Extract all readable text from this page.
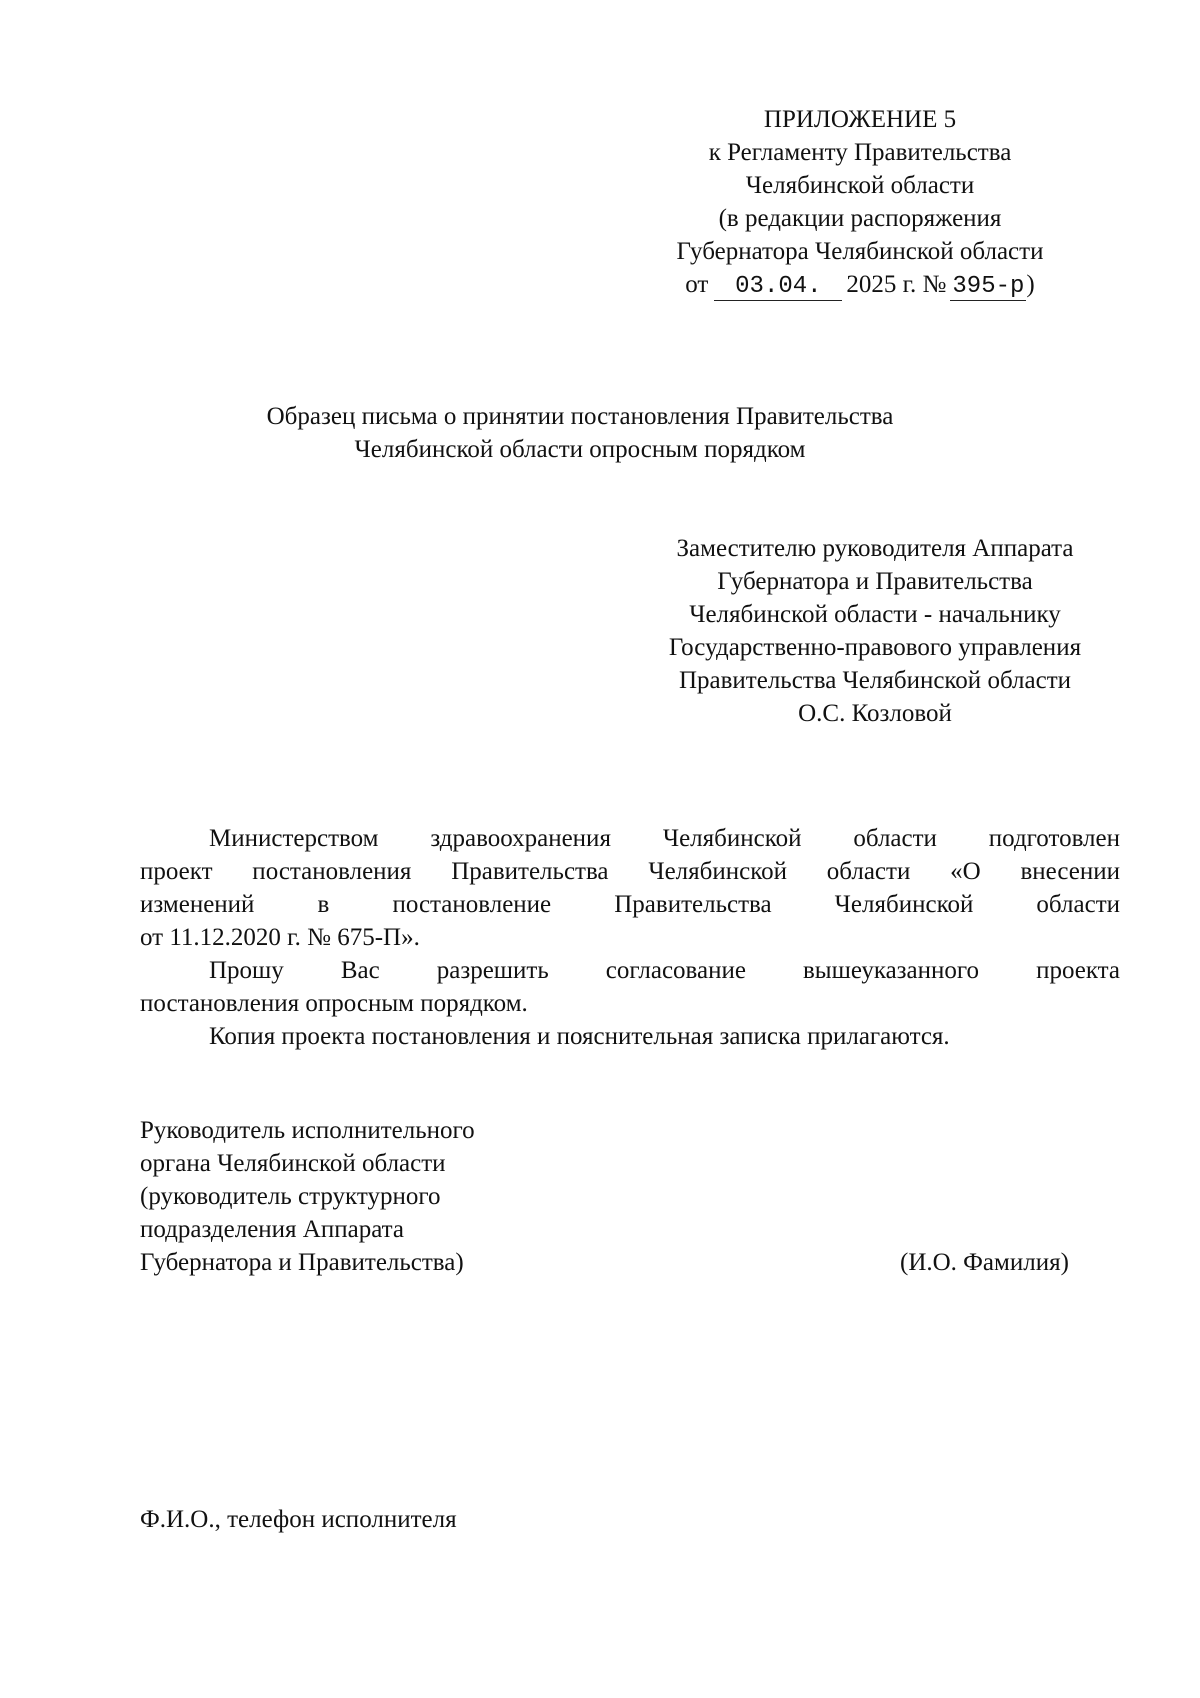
ПРИЛОЖЕНИЕ 5
к Регламенту Правительства
Челябинской области
(в редакции распоряжения
Губернатора Челябинской области
от 03.04. 2025 г. № 395-р)
Образец письма о принятии постановления Правительства
Челябинской области опросным порядком
Заместителю руководителя Аппарата
Губернатора и Правительства
Челябинской области - начальнику
Государственно-правового управления
Правительства Челябинской области
О.С. Козловой
Министерством здравоохранения Челябинской области подготовлен
проект постановления Правительства Челябинской области «О внесении
изменений в постановление Правительства Челябинской области
от 11.12.2020 г. № 675-П».
Прошу Вас разрешить согласование вышеуказанного проекта
постановления опросным порядком.
Копия проекта постановления и пояснительная записка прилагаются.
Руководитель исполнительного
органа Челябинской области
(руководитель структурного
подразделения Аппарата
Губернатора и Правительства)	(И.О. Фамилия)
Ф.И.О., телефон исполнителя
